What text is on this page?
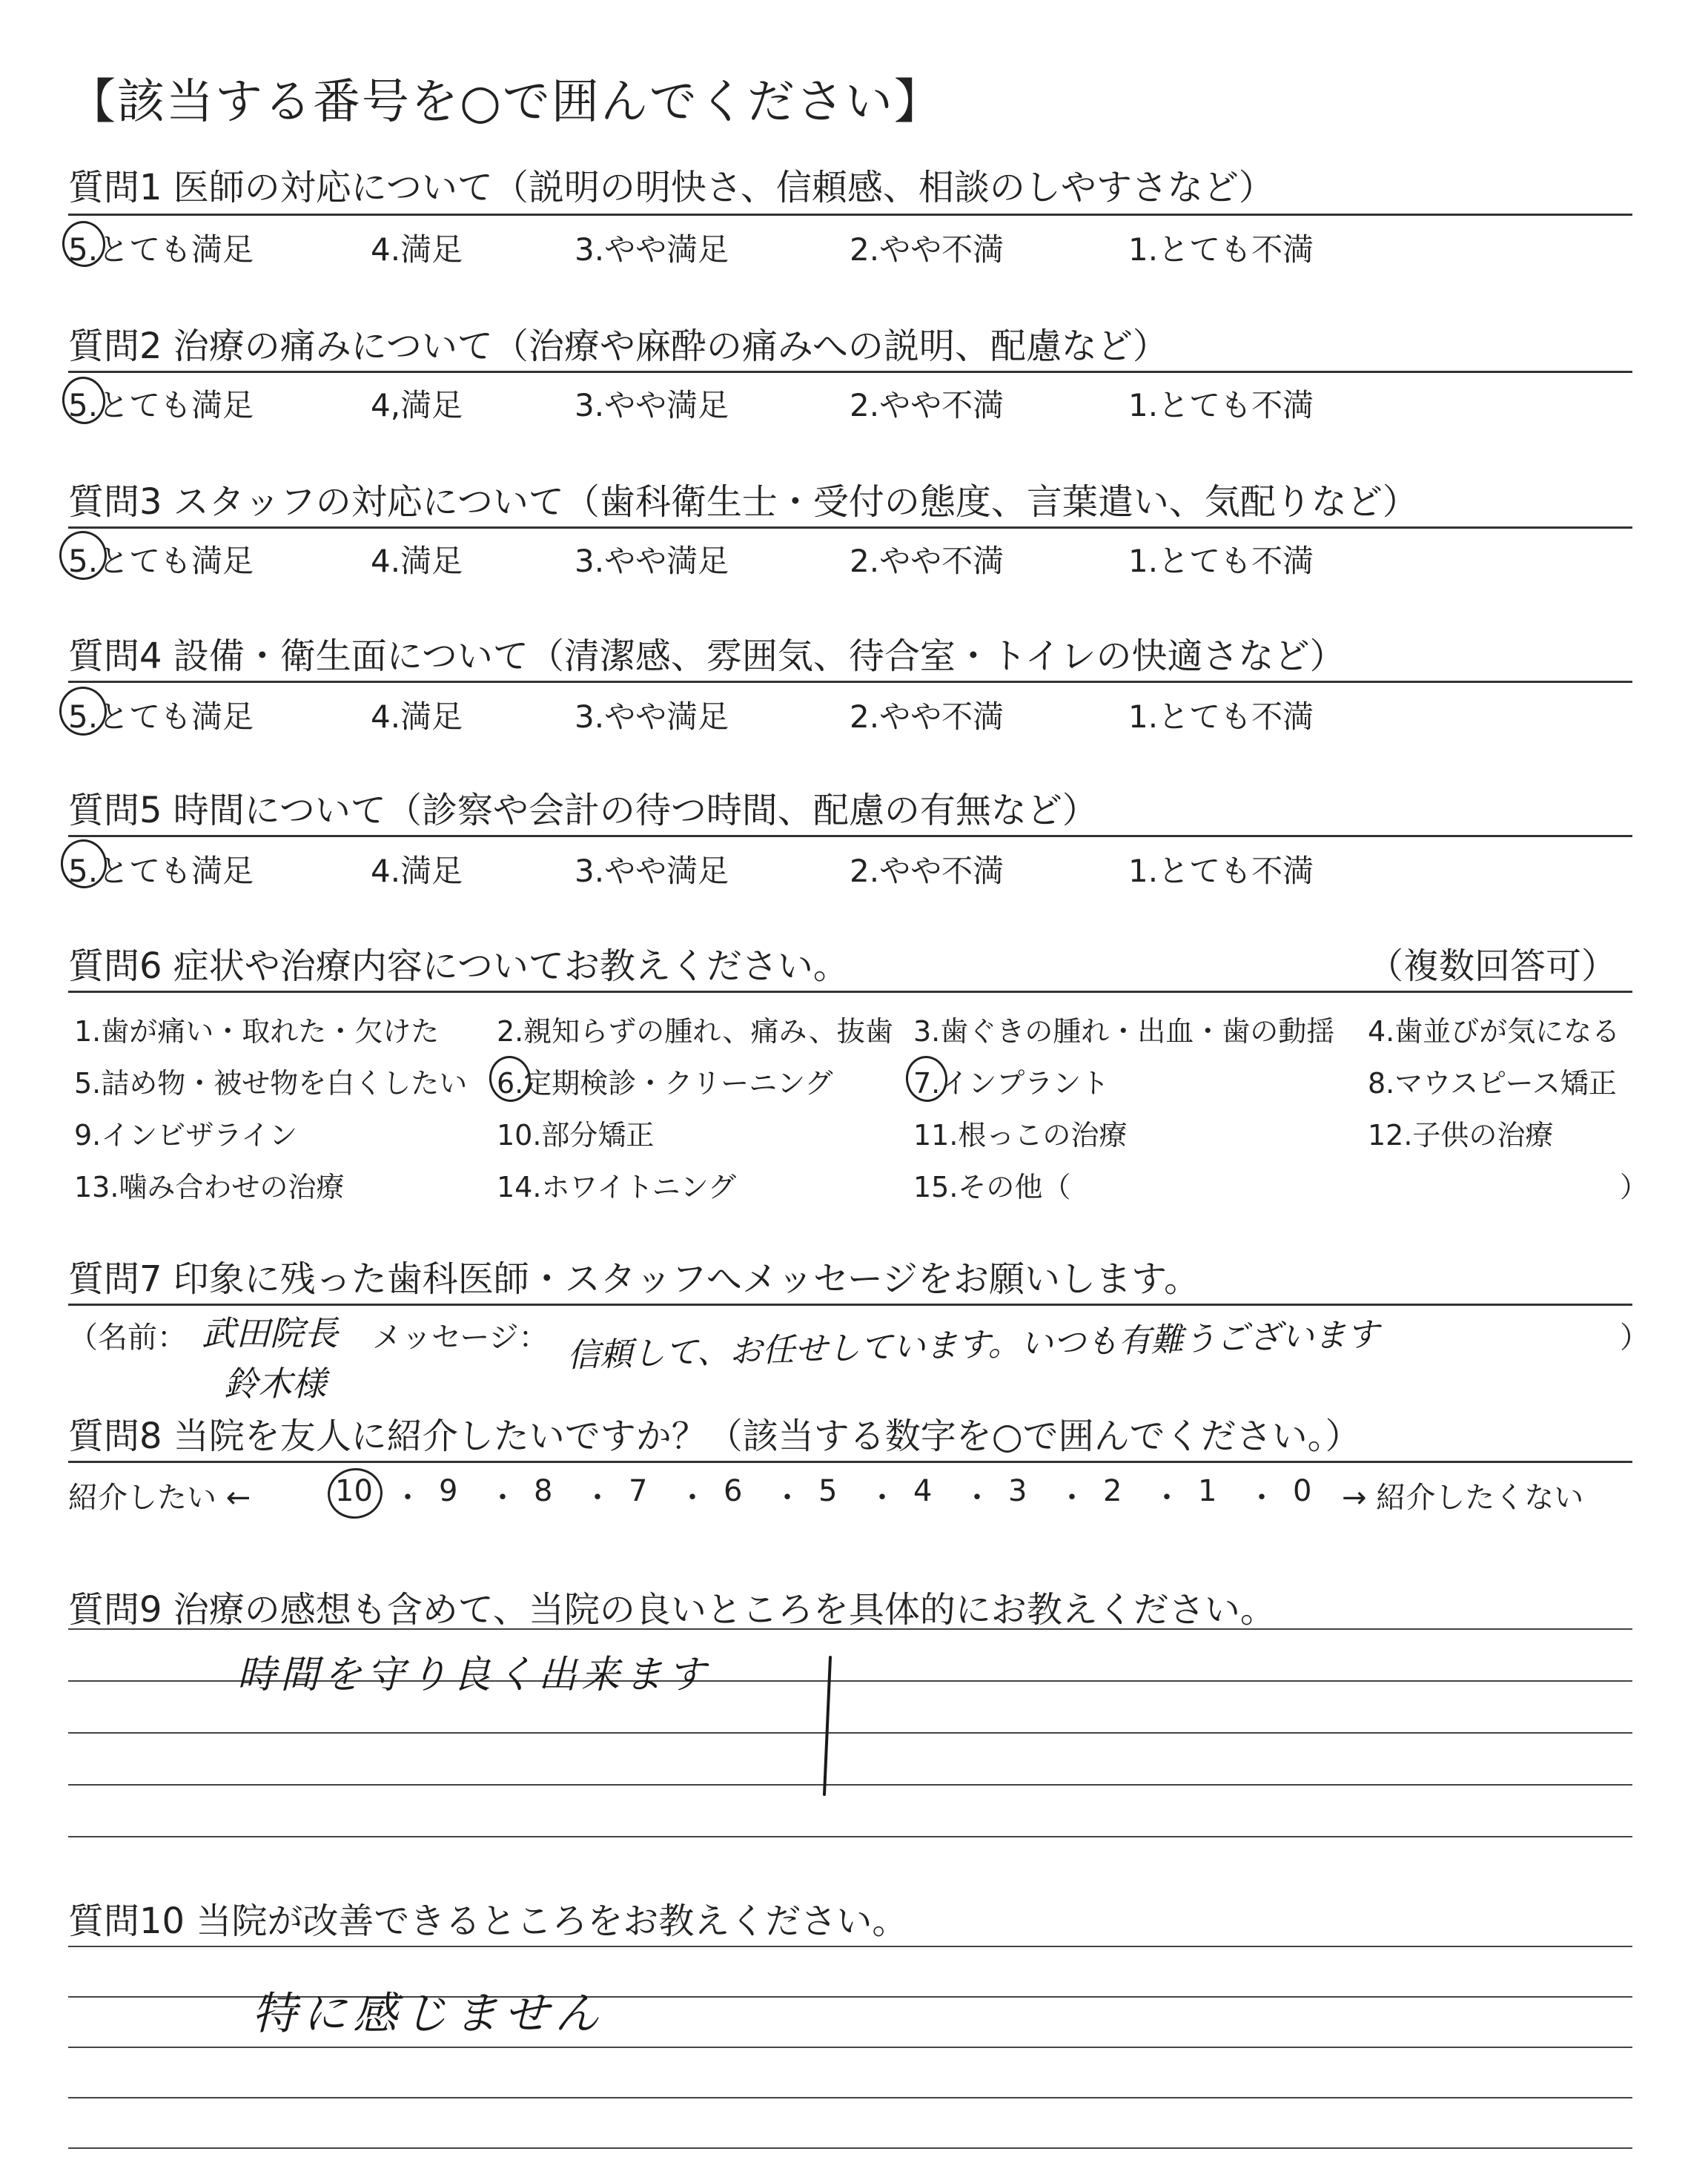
【該当する番号を○で囲んでください】
質問1 医師の対応について（説明の明快さ、信頼感、相談のしやすさなど）
5.とても満足	4.満足	3.やや満足	2.やや不満	1.とても不満
質問2 治療の痛みについて（治療や麻酔の痛みへの説明、配慮など）
5.とても満足	4,満足	3.やや満足	2.やや不満	1.とても不満
質問3 スタッフの対応について（歯科衛生士・受付の態度、言葉遣い、気配りなど）
5.とても満足	4.満足	3.やや満足	2.やや不満	1.とても不満
質問4 設備・衛生面について（清潔感、雰囲気、待合室・トイレの快適さなど）
5.とても満足	4.満足	3.やや満足	2.やや不満	1.とても不満
質問5 時間について（診察や会計の待つ時間、配慮の有無など）
5.とても満足	4.満足	3.やや満足	2.やや不満	1.とても不満
質問6 症状や治療内容についてお教えください。	（複数回答可）
1.歯が痛い・取れた・欠けた 2.親知らずの腫れ、痛み、抜歯 3.歯ぐきの腫れ・出血・歯の動揺 4.歯並びが気になる
5.詰め物・被せ物を白くしたい 6.定期検診・クリーニング	7.インプラント	8.マウスピース矯正
9.インビザライン	10.部分矯正	11.根っこの治療	12.子供の治療
13.噛み合わせの治療	14.ホワイトニング	15.その他（	）
質問7 印象に残った歯科医師・スタッフへメッセージをお願いします。
（名前： 武田院長
鈴木様
メッセージ： 信頼して、お任せしています。いつも有難うございます	）
質問8 当院を友人に紹介したいですか？（該当する数字を○で囲んでください。）
紹介したい ←	→ 紹介したくない
10 ・ 9 ・ 8 ・ 7 ・ 6 ・ 5 ・ 4 ・ 3 ・ 2 ・ 1 ・ 0
質問9 治療の感想も含めて、当院の良いところを具体的にお教えください。
時間を守り良く出来ます
質問10 当院が改善できるところをお教えください。
特に感じません
